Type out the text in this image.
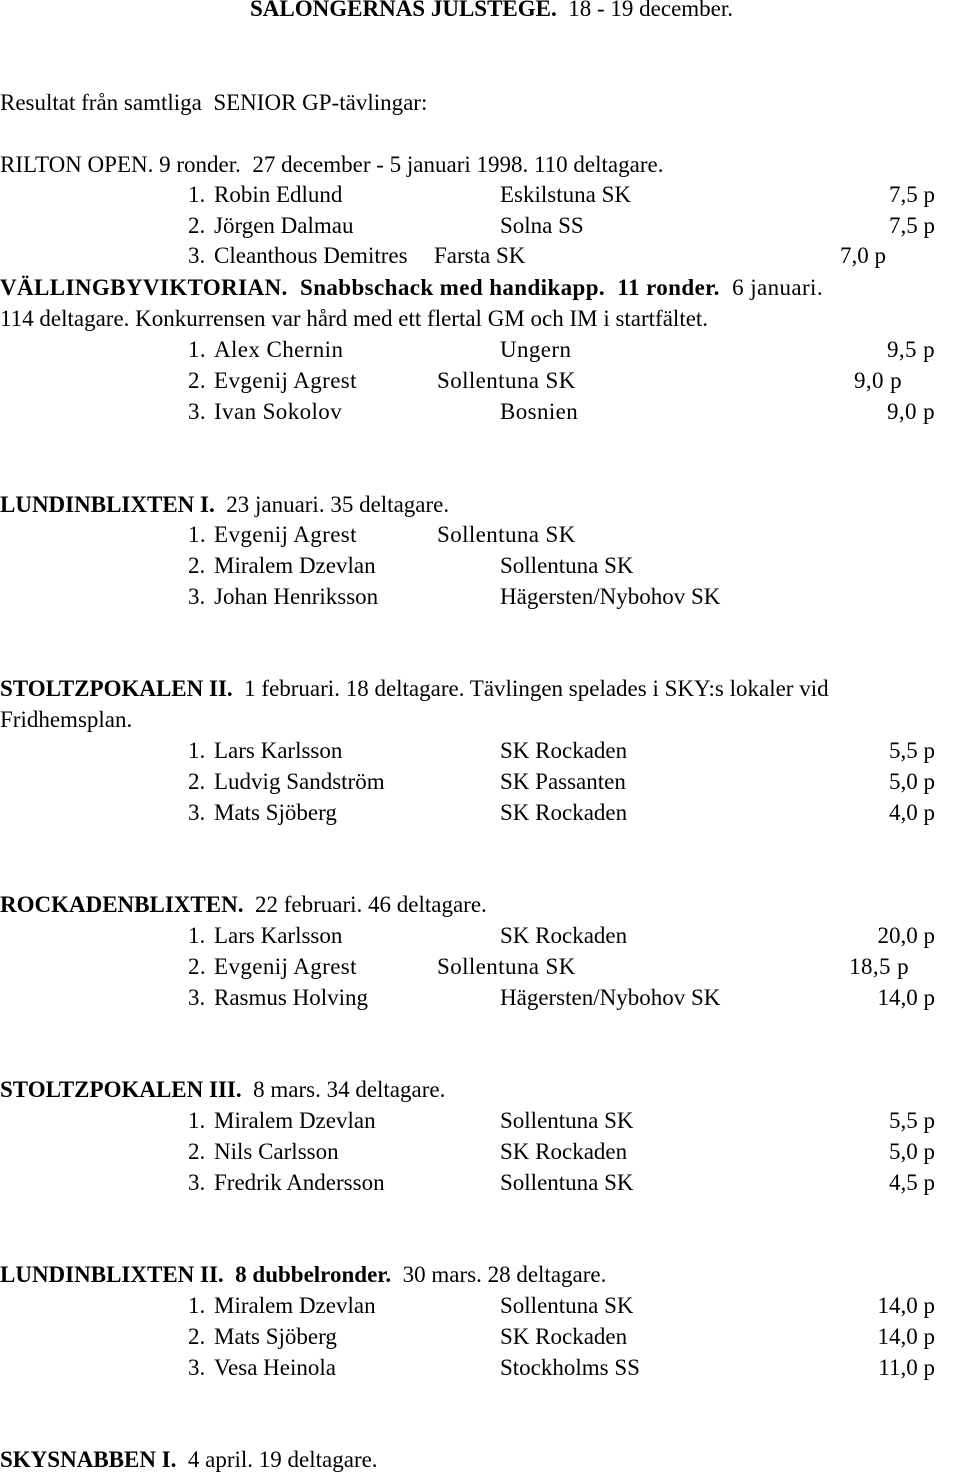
SALONGERNAS JULSTEGE. 18 - 19 december.
Resultat från samtliga SENIOR GP-tävlingar:
RILTON OPEN. 9 ronder. 27 december - 5 januari 1998. 110 deltagare.
1. Robin Edlund	Eskilstuna SK	7,5 p
2. Jörgen Dalmau	Solna SS	7,5 p
3. Cleanthous Demitres Farsta SK	7,0 p
VÄLLINGBYVIKTORIAN. Snabbschack med handikapp. 11 ronder. 6 januari.
114 deltagare. Konkurrensen var hård med ett flertal GM och IM i startfältet.
1. Alex Chernin	Ungern	9,5 p
2. Evgenij Agrest	Sollentuna SK	9,0 p
3. Ivan Sokolov	Bosnien	9,0 p
LUNDINBLIXTEN I. 23 januari. 35 deltagare.
1. Evgenij Agrest	Sollentuna SK
2. Miralem Dzevlan	Sollentuna SK
3. Johan Henriksson	Hägersten/Nybohov SK
STOLTZPOKALEN II. 1 februari. 18 deltagare. Tävlingen spelades i SKY:s lokaler vid
Fridhemsplan.
1. Lars Karlsson	SK Rockaden	5,5 p
2. Ludvig Sandström	SK Passanten	5,0 p
3. Mats Sjöberg	SK Rockaden	4,0 p
ROCKADENBLIXTEN. 22 februari. 46 deltagare.
1. Lars Karlsson	SK Rockaden	20,0 p
2. Evgenij Agrest	Sollentuna SK	18,5 p
3. Rasmus Holving	Hägersten/Nybohov SK	14,0 p
STOLTZPOKALEN III. 8 mars. 34 deltagare.
1. Miralem Dzevlan	Sollentuna SK	5,5 p
2. Nils Carlsson	SK Rockaden	5,0 p
3. Fredrik Andersson	Sollentuna SK	4,5 p
LUNDINBLIXTEN II. 8 dubbelronder. 30 mars. 28 deltagare.
1. Miralem Dzevlan	Sollentuna SK	14,0 p
2. Mats Sjöberg	SK Rockaden	14,0 p
3. Vesa Heinola	Stockholms SS	11,0 p
SKYSNABBEN I. 4 april. 19 deltagare.
